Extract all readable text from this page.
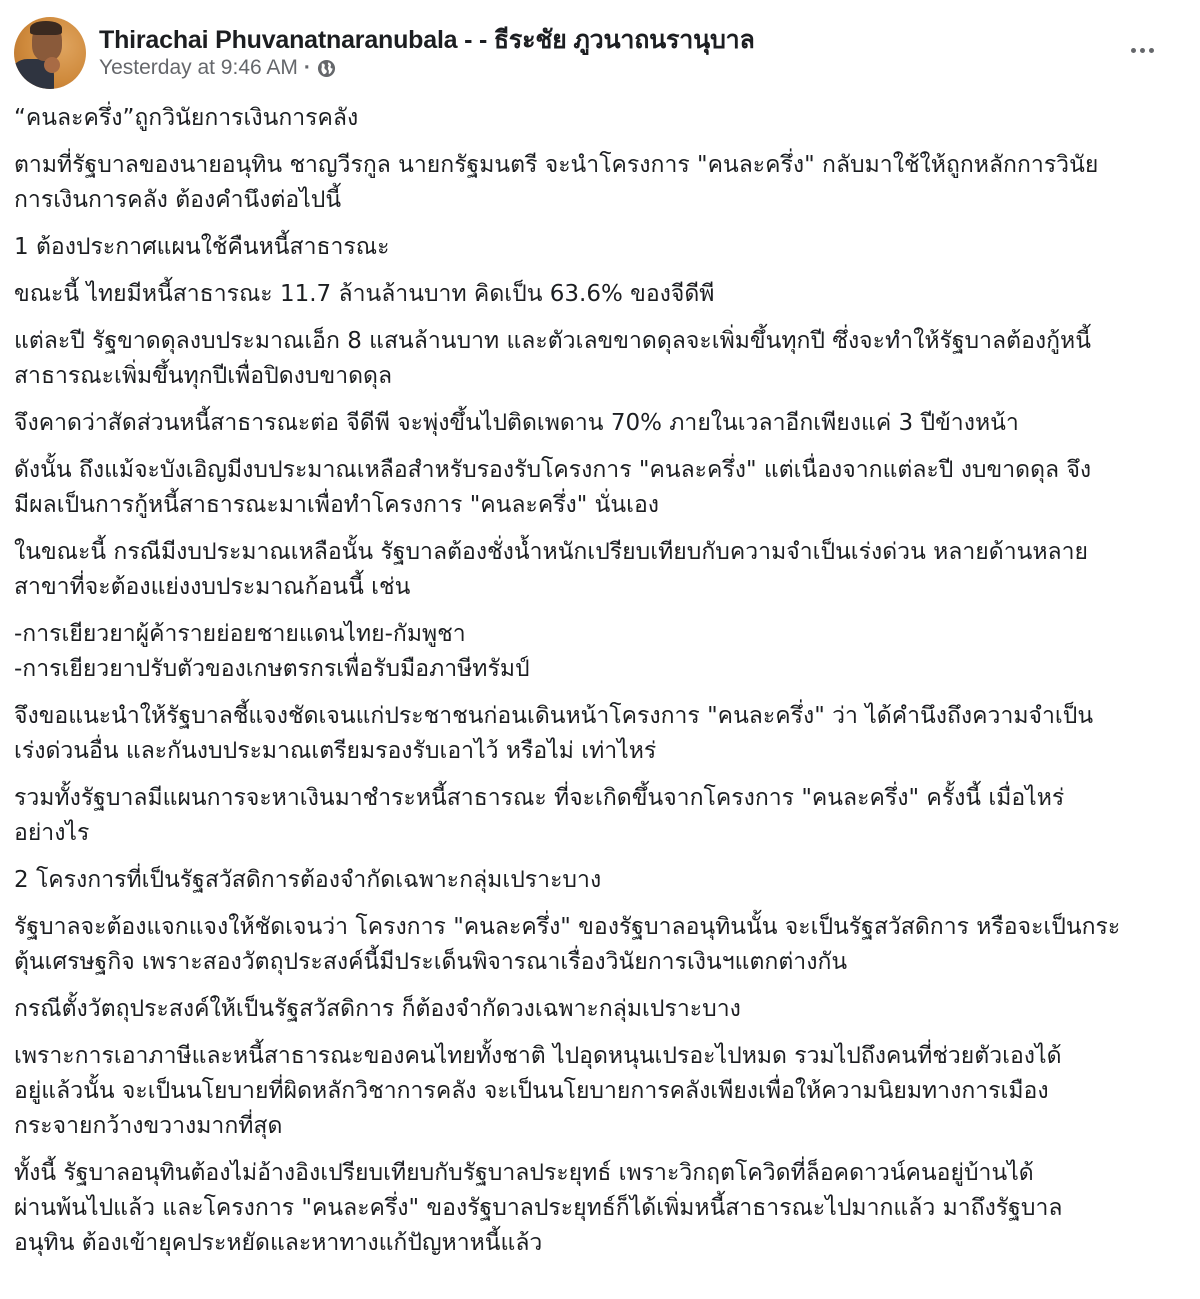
Thirachai Phuvanatnaranubala - - ธีระชัย ภูวนาถนรานุบาล
Yesterday at 9:46 AM ·
“คนละครึ่ง”ถูกวินัยการเงินการคลัง
ตามที่รัฐบาลของนายอนุทิน ชาญวีรกูล นายกรัฐมนตรี จะนำโครงการ "คนละครึ่ง" กลับมาใช้ให้ถูกหลักการวินัย
การเงินการคลัง ต้องคำนึงต่อไปนี้
1 ต้องประกาศแผนใช้คืนหนี้สาธารณะ
ขณะนี้ ไทยมีหนี้สาธารณะ 11.7 ล้านล้านบาท คิดเป็น 63.6% ของจีดีพี
แต่ละปี รัฐขาดดุลงบประมาณเอ็ก 8 แสนล้านบาท และตัวเลขขาดดุลจะเพิ่มขึ้นทุกปี ซึ่งจะทำให้รัฐบาลต้องกู้หนี้
สาธารณะเพิ่มขึ้นทุกปีเพื่อปิดงบขาดดุล
จึงคาดว่าสัดส่วนหนี้สาธารณะต่อ จีดีพี จะพุ่งขึ้นไปติดเพดาน 70% ภายในเวลาอีกเพียงแค่ 3 ปีข้างหน้า
ดังนั้น ถึงแม้จะบังเอิญมีงบประมาณเหลือสำหรับรองรับโครงการ "คนละครึ่ง" แต่เนื่องจากแต่ละปี งบขาดดุล จึง
มีผลเป็นการกู้หนี้สาธารณะมาเพื่อทำโครงการ "คนละครึ่ง" นั่นเอง
ในขณะนี้ กรณีมีงบประมาณเหลือนั้น รัฐบาลต้องชั่งน้ำหนักเปรียบเทียบกับความจำเป็นเร่งด่วน หลายด้านหลาย
สาขาที่จะต้องแย่งงบประมาณก้อนนี้ เช่น
-การเยียวยาผู้ค้ารายย่อยชายแดนไทย-กัมพูชา
-การเยียวยาปรับตัวของเกษตรกรเพื่อรับมือภาษีทรัมป์
จึงขอแนะนำให้รัฐบาลชี้แจงชัดเจนแก่ประชาชนก่อนเดินหน้าโครงการ "คนละครึ่ง" ว่า ได้คำนึงถึงความจำเป็น
เร่งด่วนอื่น และกันงบประมาณเตรียมรองรับเอาไว้ หรือไม่ เท่าไหร่
รวมทั้งรัฐบาลมีแผนการจะหาเงินมาชำระหนี้สาธารณะ ที่จะเกิดขึ้นจากโครงการ "คนละครึ่ง" ครั้งนี้ เมื่อไหร่
อย่างไร
2 โครงการที่เป็นรัฐสวัสดิการต้องจำกัดเฉพาะกลุ่มเปราะบาง
รัฐบาลจะต้องแจกแจงให้ชัดเจนว่า โครงการ "คนละครึ่ง" ของรัฐบาลอนุทินนั้น จะเป็นรัฐสวัสดิการ หรือจะเป็นกระ
ตุ้นเศรษฐกิจ เพราะสองวัตถุประสงค์นี้มีประเด็นพิจารณาเรื่องวินัยการเงินฯแตกต่างกัน
กรณีตั้งวัตถุประสงค์ให้เป็นรัฐสวัสดิการ ก็ต้องจำกัดวงเฉพาะกลุ่มเปราะบาง
เพราะการเอาภาษีและหนี้สาธารณะของคนไทยทั้งชาติ ไปอุดหนุนเปรอะไปหมด รวมไปถึงคนที่ช่วยตัวเองได้
อยู่แล้วนั้น จะเป็นนโยบายที่ผิดหลักวิชาการคลัง จะเป็นนโยบายการคลังเพียงเพื่อให้ความนิยมทางการเมือง
กระจายกว้างขวางมากที่สุด
ทั้งนี้ รัฐบาลอนุทินต้องไม่อ้างอิงเปรียบเทียบกับรัฐบาลประยุทธ์ เพราะวิกฤตโควิดที่ล็อคดาวน์คนอยู่บ้านได้
ผ่านพ้นไปแล้ว และโครงการ "คนละครึ่ง" ของรัฐบาลประยุทธ์ก็ได้เพิ่มหนี้สาธารณะไปมากแล้ว มาถึงรัฐบาล
อนุทิน ต้องเข้ายุคประหยัดและหาทางแก้ปัญหาหนี้แล้ว
